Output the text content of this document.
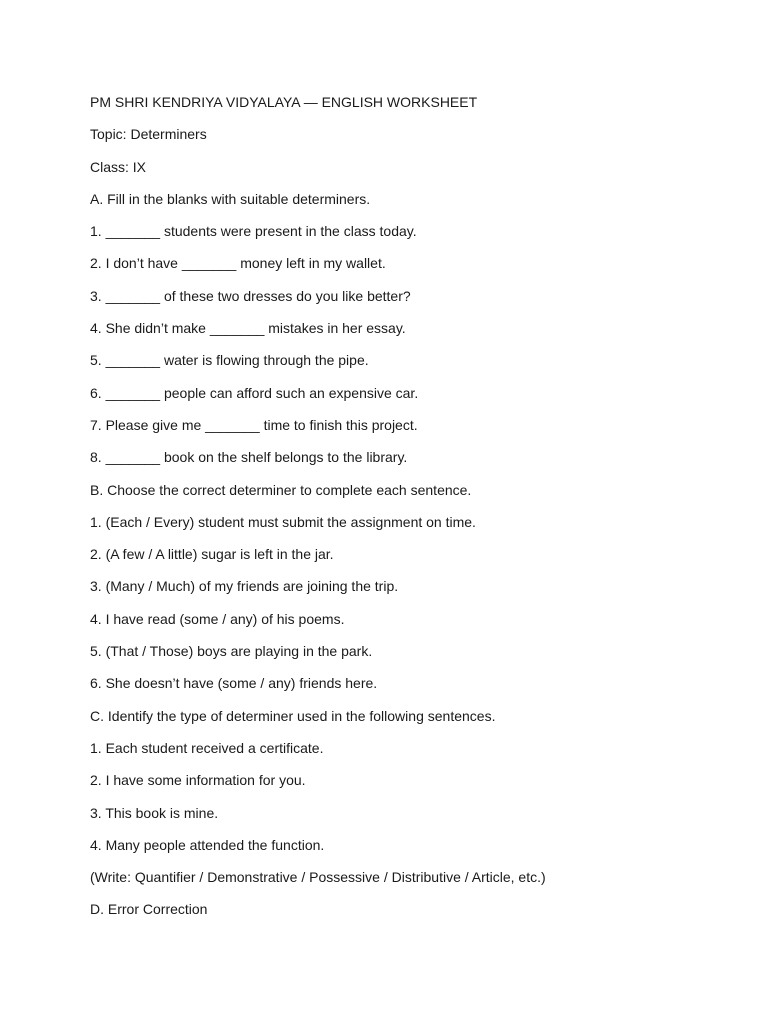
PM SHRI KENDRIYA VIDYALAYA — ENGLISH WORKSHEET
Topic: Determiners
Class: IX
A. Fill in the blanks with suitable determiners.
1. _______ students were present in the class today.
2. I don’t have _______ money left in my wallet.
3. _______ of these two dresses do you like better?
4. She didn’t make _______ mistakes in her essay.
5. _______ water is flowing through the pipe.
6. _______ people can afford such an expensive car.
7. Please give me _______ time to finish this project.
8. _______ book on the shelf belongs to the library.
B. Choose the correct determiner to complete each sentence.
1. (Each / Every) student must submit the assignment on time.
2. (A few / A little) sugar is left in the jar.
3. (Many / Much) of my friends are joining the trip.
4. I have read (some / any) of his poems.
5. (That / Those) boys are playing in the park.
6. She doesn’t have (some / any) friends here.
C. Identify the type of determiner used in the following sentences.
1. Each student received a certificate.
2. I have some information for you.
3. This book is mine.
4. Many people attended the function.
(Write: Quantifier / Demonstrative / Possessive / Distributive / Article, etc.)
D. Error Correction
